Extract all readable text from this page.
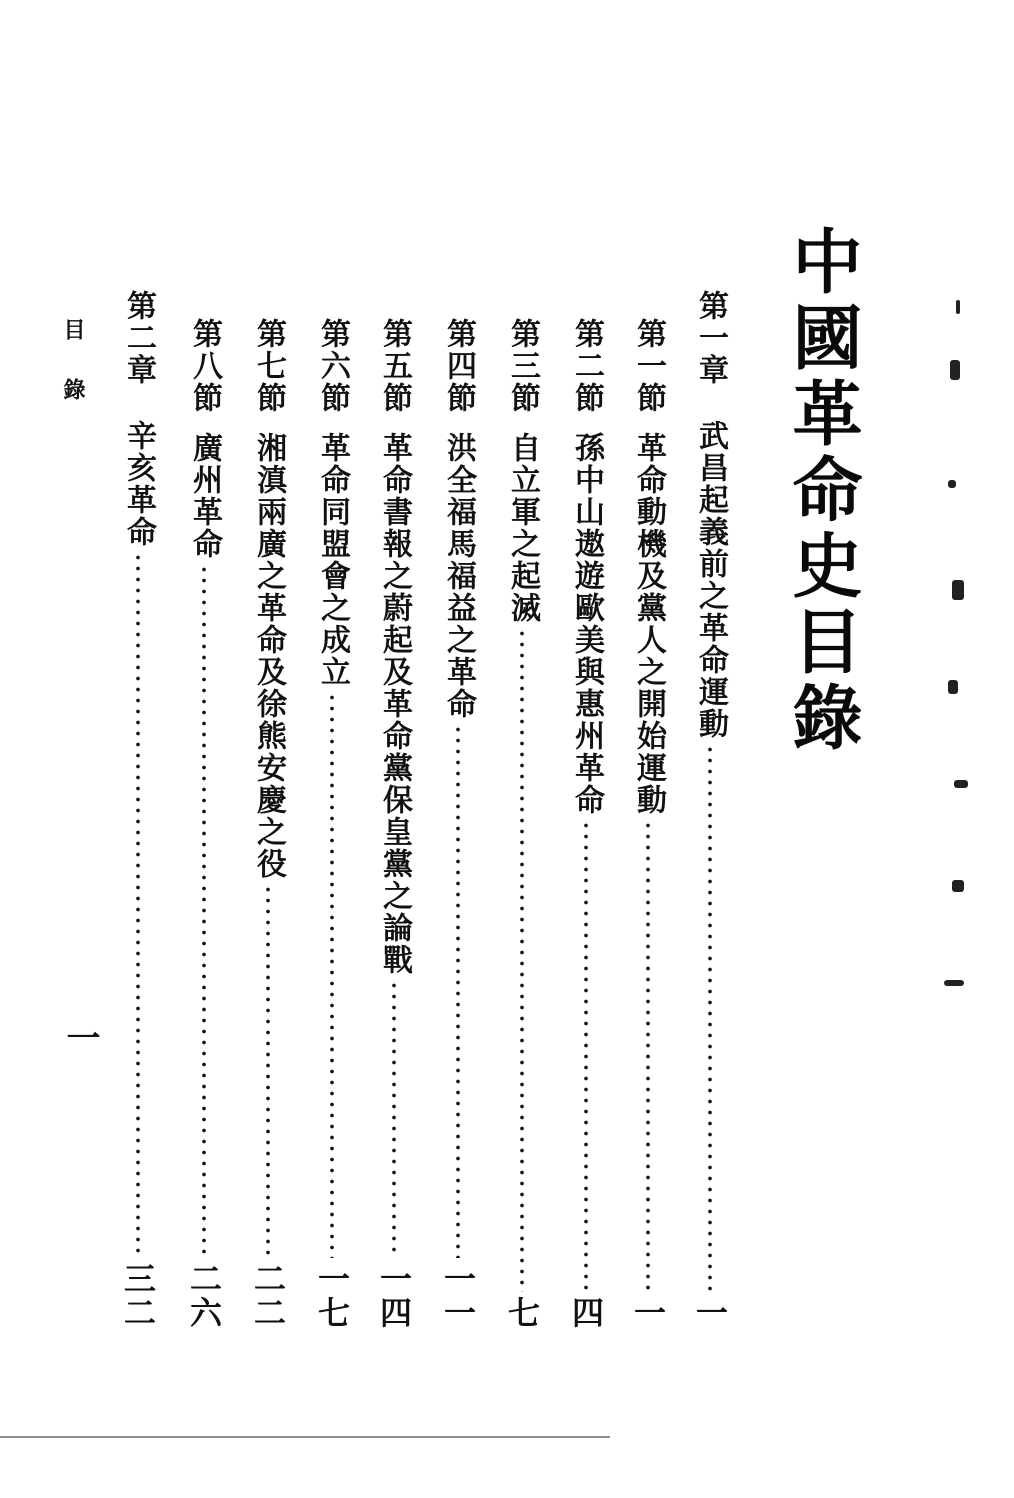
中國革命史目錄
第一章
武昌起義前之革命運動
一
第一節
革命動機及黨人之開始運動
一
第二節
孫中山遨遊歐美與惠州革命
四
第三節
自立軍之起滅
七
第四節
洪全福馬福益之革命
一一
第五節
革命書報之蔚起及革命黨保皇黨之論戰
一四
第六節
革命同盟會之成立
一七
第七節
湘滇兩廣之革命及徐熊安慶之役
二二
第八節
廣州革命
二六
第二章
辛亥革命
三二
目錄
一
